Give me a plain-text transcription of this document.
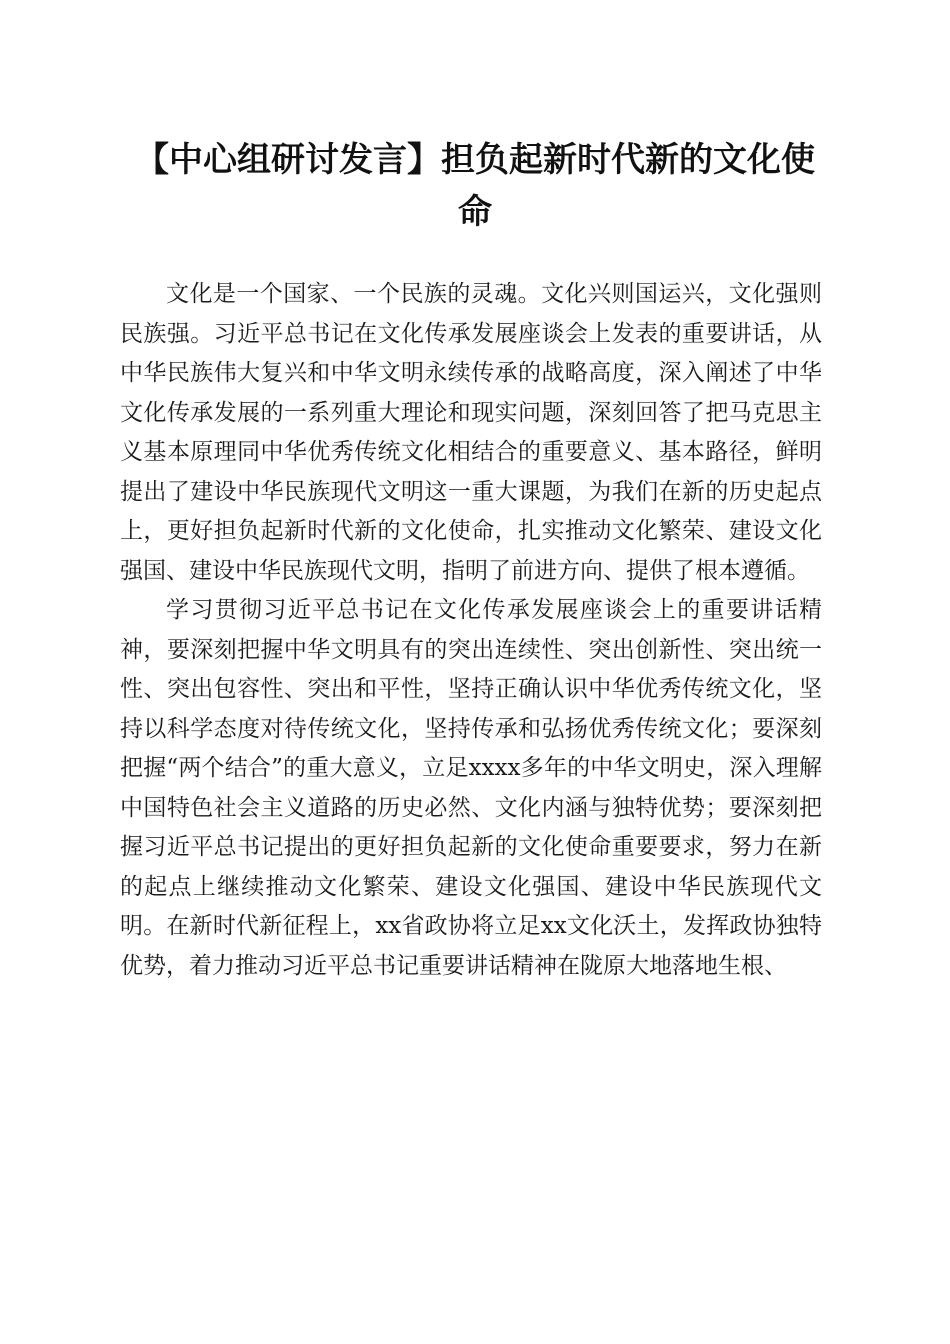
【中心组研讨发言】担负起新时代新的文化使命

文化是一个国家、一个民族的灵魂。文化兴则国运兴，文化强则民族强。习近平总书记在文化传承发展座谈会上发表的重要讲话，从中华民族伟大复兴和中华文明永续传承的战略高度，深入阐述了中华文化传承发展的一系列重大理论和现实问题，深刻回答了把马克思主义基本原理同中华优秀传统文化相结合的重要意义、基本路径，鲜明提出了建设中华民族现代文明这一重大课题，为我们在新的历史起点上，更好担负起新时代新的文化使命，扎实推动文化繁荣、建设文化强国、建设中华民族现代文明，指明了前进方向、提供了根本遵循。

学习贯彻习近平总书记在文化传承发展座谈会上的重要讲话精神，要深刻把握中华文明具有的突出连续性、突出创新性、突出统一性、突出包容性、突出和平性，坚持正确认识中华优秀传统文化，坚持以科学态度对待传统文化，坚持传承和弘扬优秀传统文化；要深刻把握“两个结合”的重大意义，立足xxxx多年的中华文明史，深入理解中国特色社会主义道路的历史必然、文化内涵与独特优势；要深刻把握习近平总书记提出的更好担负起新的文化使命重要要求，努力在新的起点上继续推动文化繁荣、建设文化强国、建设中华民族现代文明。在新时代新征程上，xx省政协将立足xx文化沃土，发挥政协独特优势，着力推动习近平总书记重要讲话精神在陇原大地落地生根、
